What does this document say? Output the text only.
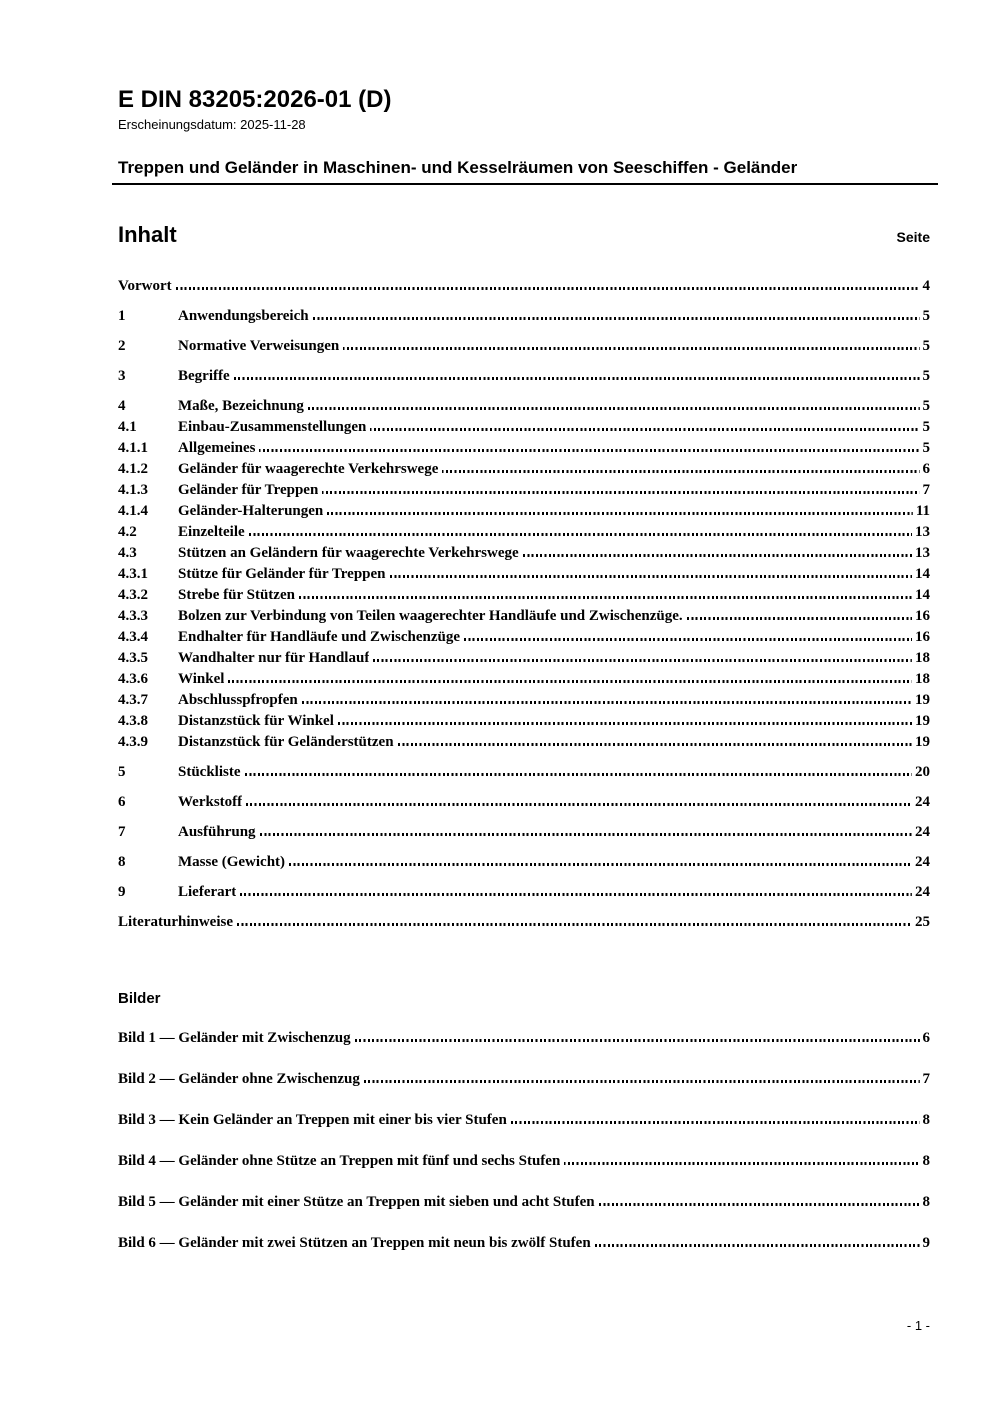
E DIN 83205:2026-01 (D)
Erscheinungsdatum: 2025-11-28
Treppen und Geländer in Maschinen- und Kesselräumen von Seeschiffen - Geländer
Inhalt	Seite
Vorwort	4
1	Anwendungsbereich	5
2	Normative Verweisungen	5
3	Begriffe	5
4	Maße, Bezeichnung	5
4.1	Einbau-Zusammenstellungen	5
4.1.1	Allgemeines	5
4.1.2	Geländer für waagerechte Verkehrswege	6
4.1.3	Geländer für Treppen	7
4.1.4	Geländer-Halterungen	11
4.2	Einzelteile	13
4.3	Stützen an Geländern für waagerechte Verkehrswege	13
4.3.1	Stütze für Geländer für Treppen	14
4.3.2	Strebe für Stützen	14
4.3.3	Bolzen zur Verbindung von Teilen waagerechter Handläufe und Zwischenzüge.	16
4.3.4	Endhalter für Handläufe und Zwischenzüge	16
4.3.5	Wandhalter nur für Handlauf	18
4.3.6	Winkel	18
4.3.7	Abschlusspfropfen	19
4.3.8	Distanzstück für Winkel	19
4.3.9	Distanzstück für Geländerstützen	19
5	Stückliste	20
6	Werkstoff	24
7	Ausführung	24
8	Masse (Gewicht)	24
9	Lieferart	24
Literaturhinweise	25
Bilder
Bild 1 — Geländer mit Zwischenzug	6
Bild 2 — Geländer ohne Zwischenzug	7
Bild 3 — Kein Geländer an Treppen mit einer bis vier Stufen	8
Bild 4 — Geländer ohne Stütze an Treppen mit fünf und sechs Stufen	8
Bild 5 — Geländer mit einer Stütze an Treppen mit sieben und acht Stufen	8
Bild 6 — Geländer mit zwei Stützen an Treppen mit neun bis zwölf Stufen	9
- 1 -
